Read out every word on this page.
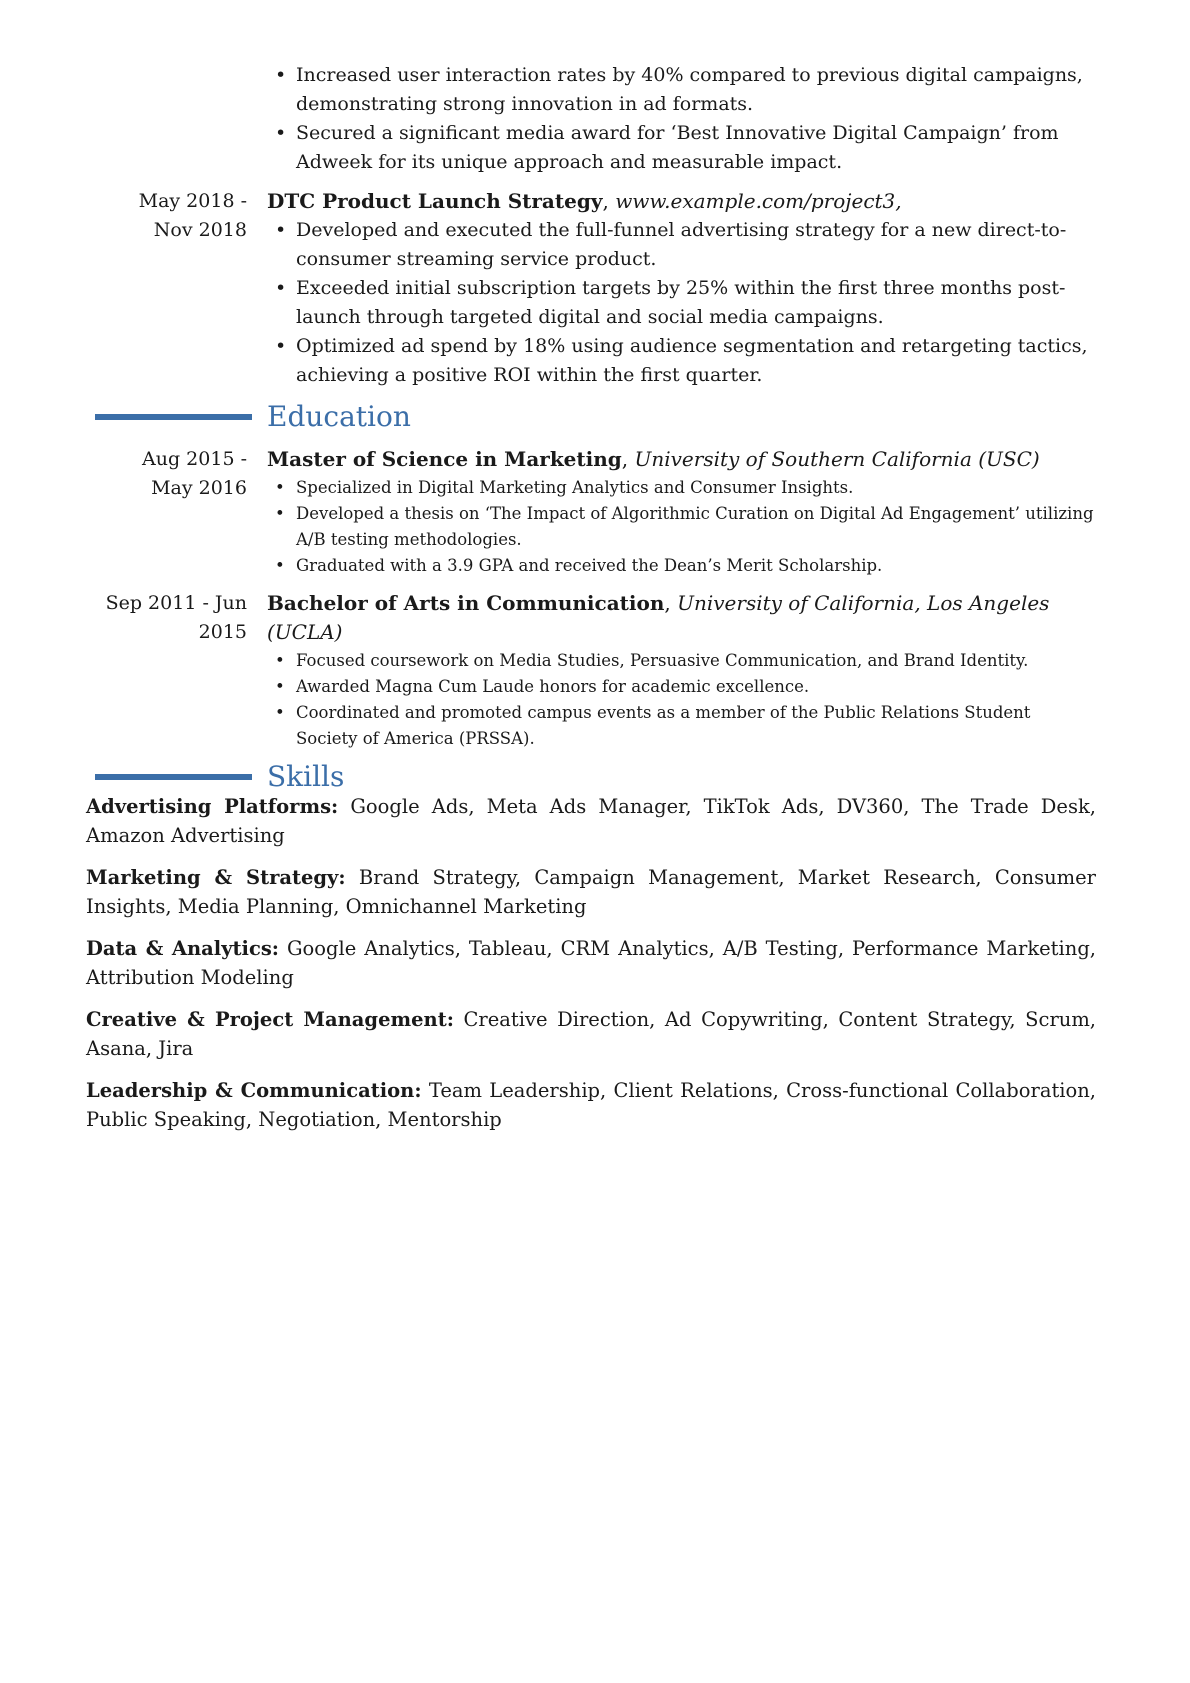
• Increased user interaction rates by 40% compared to previous digital campaigns, demonstrating strong innovation in ad formats.
• Secured a significant media award for ‘Best Innovative Digital Campaign’ from Adweek for its unique approach and measurable impact.
May 2018 -
Nov 2018
DTC Product Launch Strategy, www.example.com/project3,
• Developed and executed the full-funnel advertising strategy for a new direct-to-consumer streaming service product.
• Exceeded initial subscription targets by 25% within the first three months post-launch through targeted digital and social media campaigns.
• Optimized ad spend by 18% using audience segmentation and retargeting tactics, achieving a positive ROI within the first quarter.
Education
Aug 2015 -
May 2016
Master of Science in Marketing, University of Southern California (USC)
• Specialized in Digital Marketing Analytics and Consumer Insights.
• Developed a thesis on ‘The Impact of Algorithmic Curation on Digital Ad Engagement’ utilizing A/B testing methodologies.
• Graduated with a 3.9 GPA and received the Dean’s Merit Scholarship.
Sep 2011 - Jun
2015
Bachelor of Arts in Communication, University of California, Los Angeles (UCLA)
• Focused coursework on Media Studies, Persuasive Communication, and Brand Identity.
• Awarded Magna Cum Laude honors for academic excellence.
• Coordinated and promoted campus events as a member of the Public Relations Student Society of America (PRSSA).
Skills
Advertising Platforms: Google Ads, Meta Ads Manager, TikTok Ads, DV360, The Trade Desk, Amazon Advertising
Marketing & Strategy: Brand Strategy, Campaign Management, Market Research, Consumer Insights, Media Planning, Omnichannel Marketing
Data & Analytics: Google Analytics, Tableau, CRM Analytics, A/B Testing, Performance Marketing, Attribution Modeling
Creative & Project Management: Creative Direction, Ad Copywriting, Content Strategy, Scrum, Asana, Jira
Leadership & Communication: Team Leadership, Client Relations, Cross-functional Collaboration, Public Speaking, Negotiation, Mentorship
